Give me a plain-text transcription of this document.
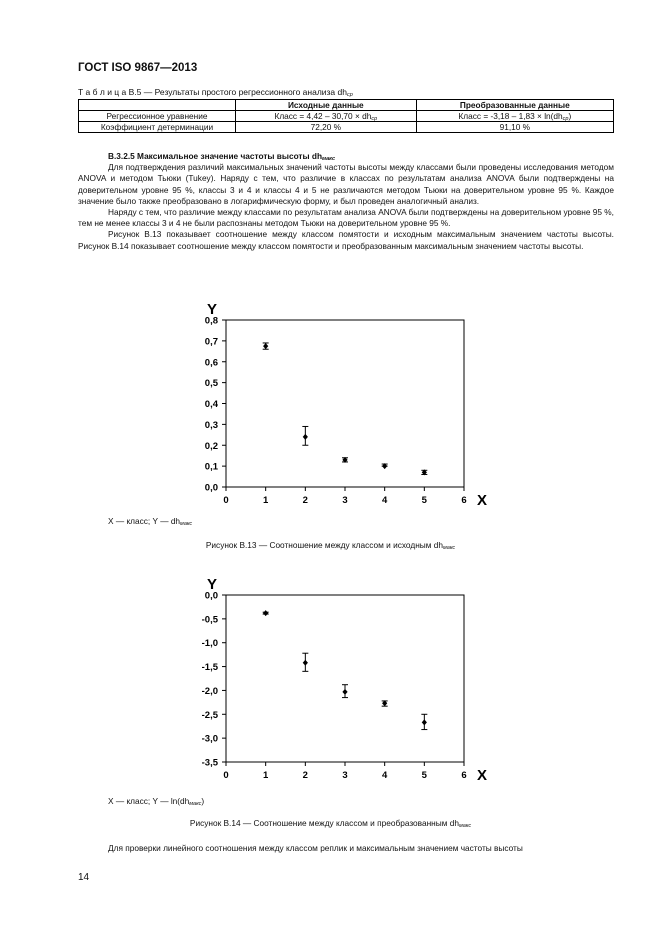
ГОСТ ISO 9867—2013
Т а б л и ц а В.5 — Результаты простого регрессионного анализа $dh_{ср}$
	Исходные данные	Преобразованные данные
Регрессионное уравнение	Класс = $4,42 - 30,70 \times dh_{ср}$	Класс = $-3,18 - 1,83 \times \ln(dh_{ср})$
Коэффициент детерминации	72,20 %	91,10 %

В.3.2.5 Максимальное значение частоты высоты $dh_{макс}$

Для подтверждения различий максимальных значений частоты высоты между классами были проведены исследования методом ANOVA и методом Тьюки (Tukey). Наряду с тем, что различие в классах по результатам анализа ANOVA были подтверждены на доверительном уровне 95 %, классы 3 и 4 и классы 4 и 5 не различаются методом Тьюки на доверительном уровне 95 %. Каждое значение было также преобразовано в логарифмическую форму, и был проведен аналогичный анализ.

Наряду с тем, что различие между классами по результатам анализа ANOVA были подтверждены на доверительном уровне 95 %, тем не менее классы 3 и 4 не были распознаны методом Тьюки на доверительном уровне 95 %.

Рисунок В.13 показывает соотношение между классом помятости и исходным максимальным значением частоты высоты. Рисунок В.14 показывает соотношение между классом помятости и преобразованным максимальным значением частоты высоты.

Y
X
0,0
0,1
0,2
0,3
0,4
0,5
0,6
0,7
0,8
0	1	2	3	4	5	6
X — класс; Y — $dh_{макс}$
Рисунок В.13 — Соотношение между классом и исходным $dh_{макс}$
Y
X
0,0
-0,5
-1,0
-1,5
-2,0
-2,5
-3,0
-3,5
0	1	2	3	4	5	6
X — класс; Y — $\ln(dh_{макс})$
Рисунок В.14 — Соотношение между классом и преобразованным $dh_{макс}$
Для проверки линейного соотношения между классом реплик и максимальным значением частоты высоты
14
